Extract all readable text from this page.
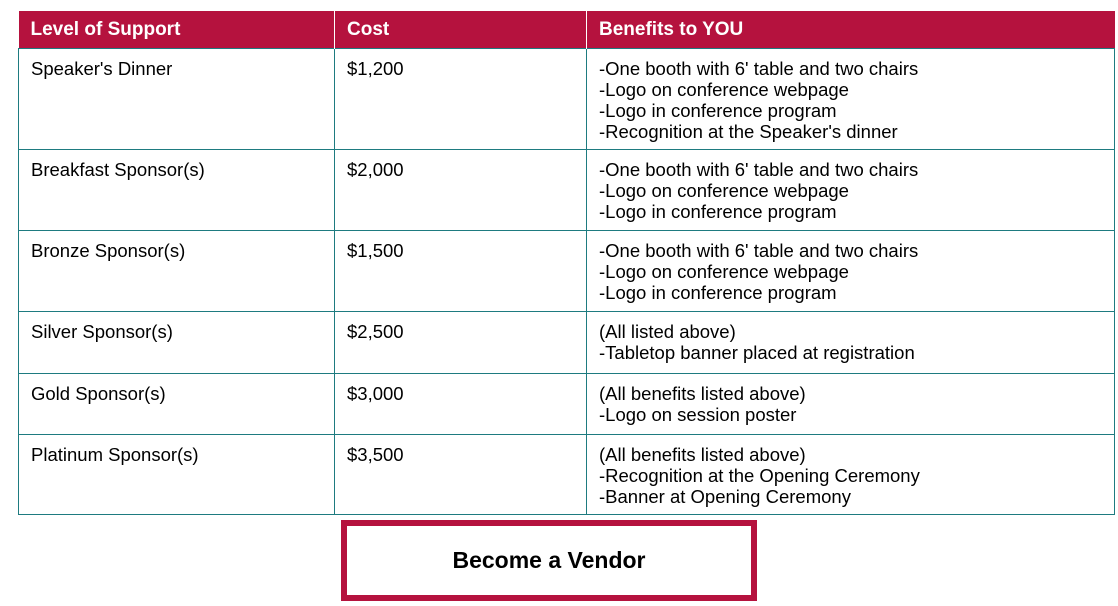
Level of Support	Cost	Benefits to YOU
Speaker's Dinner	$1,200	-One booth with 6' table and two chairs
-Logo on conference webpage
-Logo in conference program
-Recognition at the Speaker's dinner

Breakfast Sponsor(s)	$2,000	-One booth with 6' table and two chairs
-Logo on conference webpage
-Logo in conference program

Bronze Sponsor(s)	$1,500	-One booth with 6' table and two chairs
-Logo on conference webpage
-Logo in conference program

Silver Sponsor(s)	$2,500	(All listed above)
-Tabletop banner placed at registration

Gold Sponsor(s)	$3,000	(All benefits listed above)
-Logo on session poster

Platinum Sponsor(s)	$3,500	(All benefits listed above)
-Recognition at the Opening Ceremony
-Banner at Opening Ceremony
Become a Vendor
